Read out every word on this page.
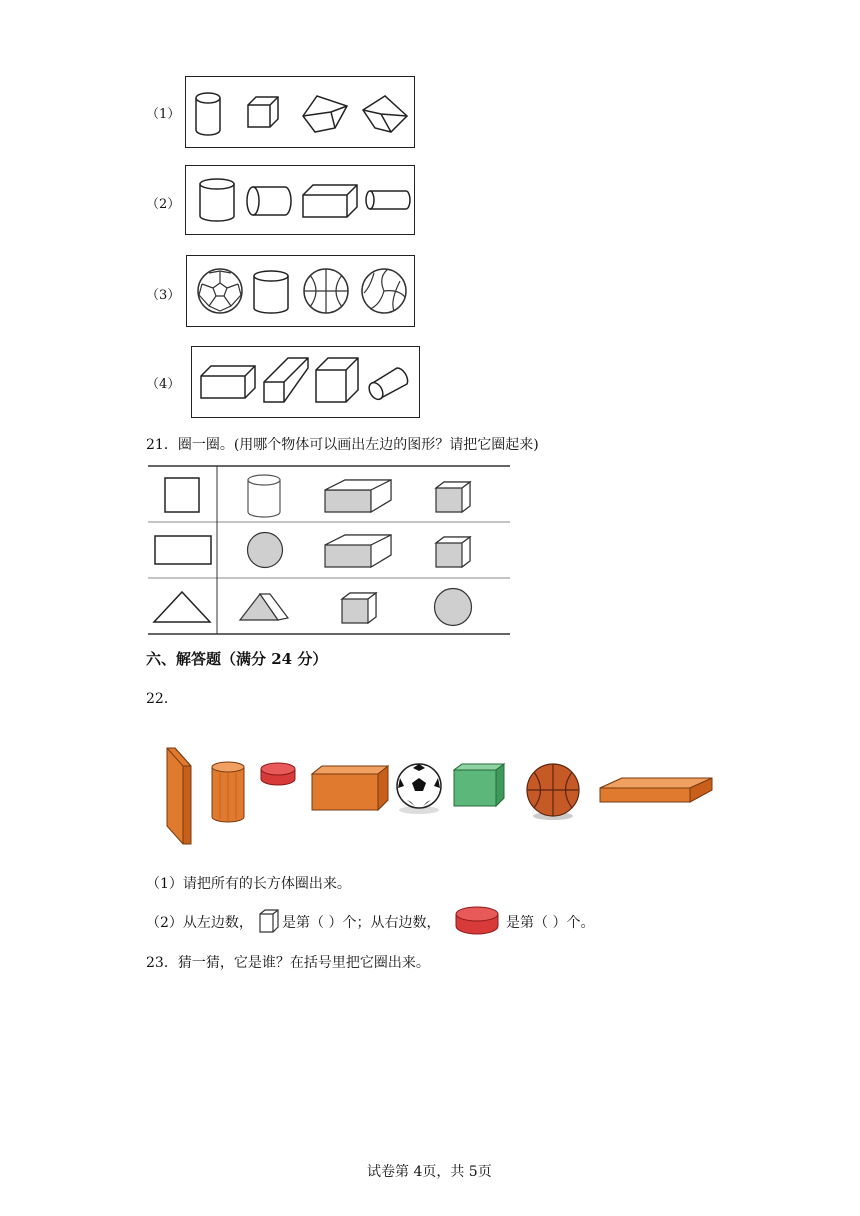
（1）
（2）
（3）
（4）
21．圈一圈。(用哪个物体可以画出左边的图形？请把它圈起来)
六、解答题（满分 24 分）
22．
（1）请把所有的长方体圈出来。
（2）从左边数， 是第（ ）个；从右边数，	是第（ ）个。
23．猜一猜，它是谁？在括号里把它圈出来。
试卷第 4页，共 5页
